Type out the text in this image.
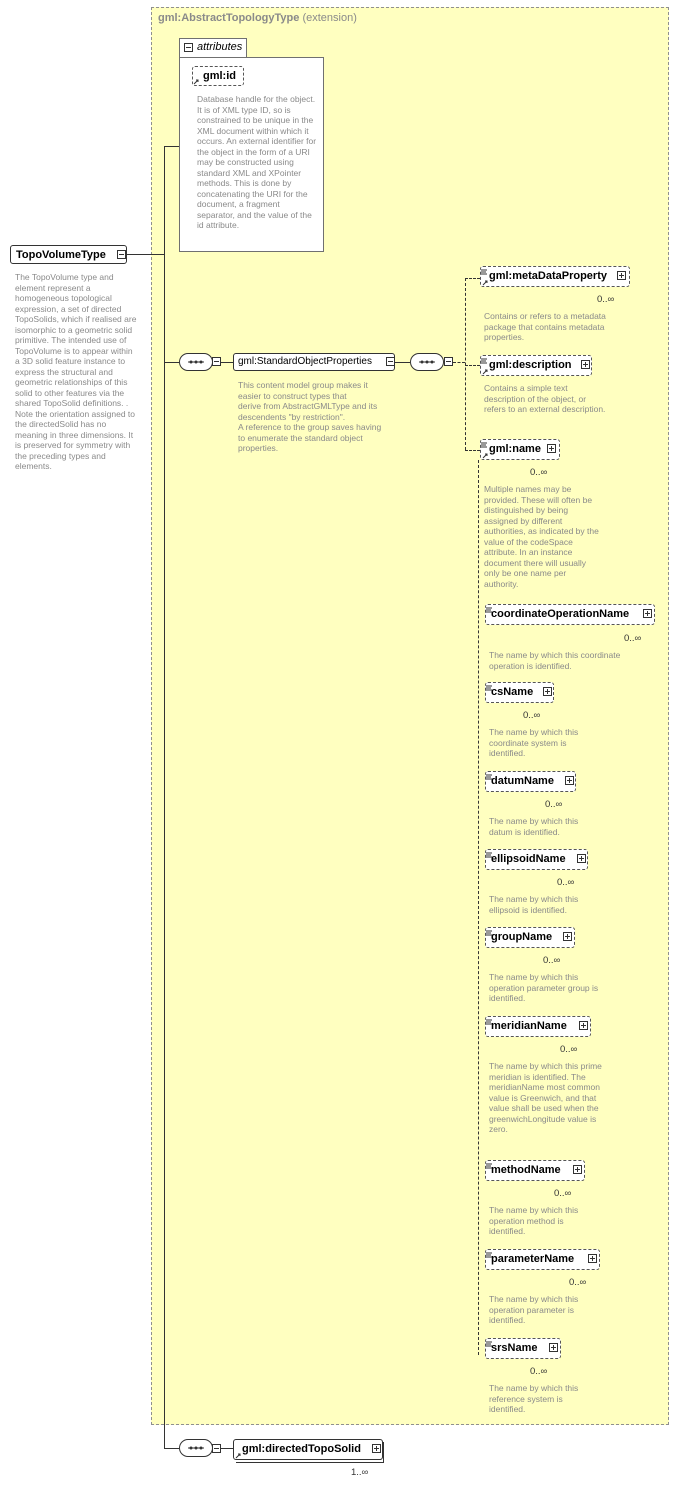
gml:AbstractTopologyType (extension)
attributes
gml:id
Database handle for the object. It is of XML type ID, so is constrained to be unique in the XML document within which it occurs. An external identifier for the object in the form of a URI may be constructed using standard XML and XPointer methods. This is done by concatenating the URI for the document, a fragment separator, and the value of the id attribute.
TopoVolumeType
The TopoVolume type and element represent a homogeneous topological expression, a set of directed TopoSolids, which if realised are isomorphic to a geometric solid primitive. The intended use of TopoVolume is to appear within a 3D solid feature instance to express the structural and geometric relationships of this solid to other features via the shared TopoSolid definitions. . Note the orientation assigned to the directedSolid has no meaning in three dimensions. It is preserved for symmetry with the preceding types and elements.
gml:StandardObjectProperties
This content model group makes it easier to construct types that
derive from AbstractGMLType and its descendents "by restriction".
A reference to the group saves having to enumerate the standard object properties.
gml:metaDataProperty
0..∞
Contains or refers to a metadata package that contains metadata properties.
gml:description
Contains a simple text description of the object, or refers to an external description.
gml:name
0..∞
Multiple names may be provided. These will often be distinguished by being assigned by different authorities, as indicated by the value of the codeSpace attribute. In an instance document there will usually only be one name per authority.
coordinateOperationName
0..∞
The name by which this coordinate operation is identified.
csName
0..∞
The name by which this coordinate system is identified.
datumName
0..∞
The name by which this datum is identified.
ellipsoidName
0..∞
The name by which this ellipsoid is identified.
groupName
0..∞
The name by which this operation parameter group is identified.
meridianName
0..∞
The name by which this prime meridian is identified. The meridianName most common value is Greenwich, and that value shall be used when the greenwichLongitude value is zero.
methodName
0..∞
The name by which this operation method is identified.
parameterName
0..∞
The name by which this operation parameter is identified.
srsName
0..∞
The name by which this reference system is identified.
gml:directedTopoSolid
1..∞
